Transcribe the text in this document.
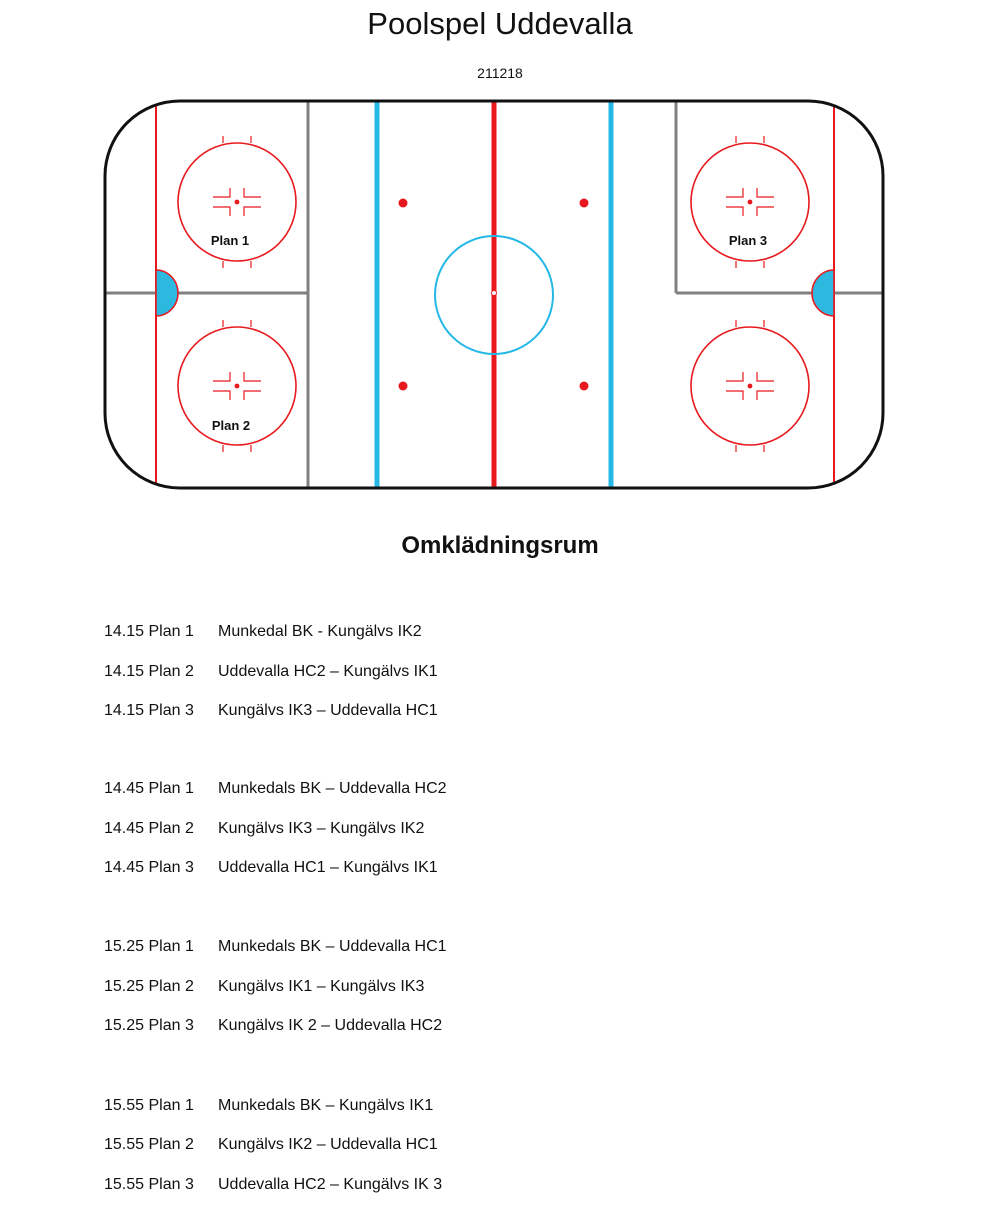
Poolspel Uddevalla
211218
Plan 1
Plan 2
Plan 3
Omklädningsrum
14.15 Plan 1	Munkedal BK - Kungälvs IK2
14.15 Plan 2	Uddevalla HC2 – Kungälvs IK1
14.15 Plan 3	Kungälvs IK3 – Uddevalla HC1
14.45 Plan 1	Munkedals BK – Uddevalla HC2
14.45 Plan 2	Kungälvs IK3 – Kungälvs IK2
14.45 Plan 3	Uddevalla HC1 – Kungälvs IK1
15.25 Plan 1	Munkedals BK – Uddevalla HC1
15.25 Plan 2	Kungälvs IK1 – Kungälvs IK3
15.25 Plan 3	Kungälvs IK 2 – Uddevalla HC2
15.55 Plan 1	Munkedals BK – Kungälvs IK1
15.55 Plan 2	Kungälvs IK2 – Uddevalla HC1
15.55 Plan 3	Uddevalla HC2 – Kungälvs IK 3
